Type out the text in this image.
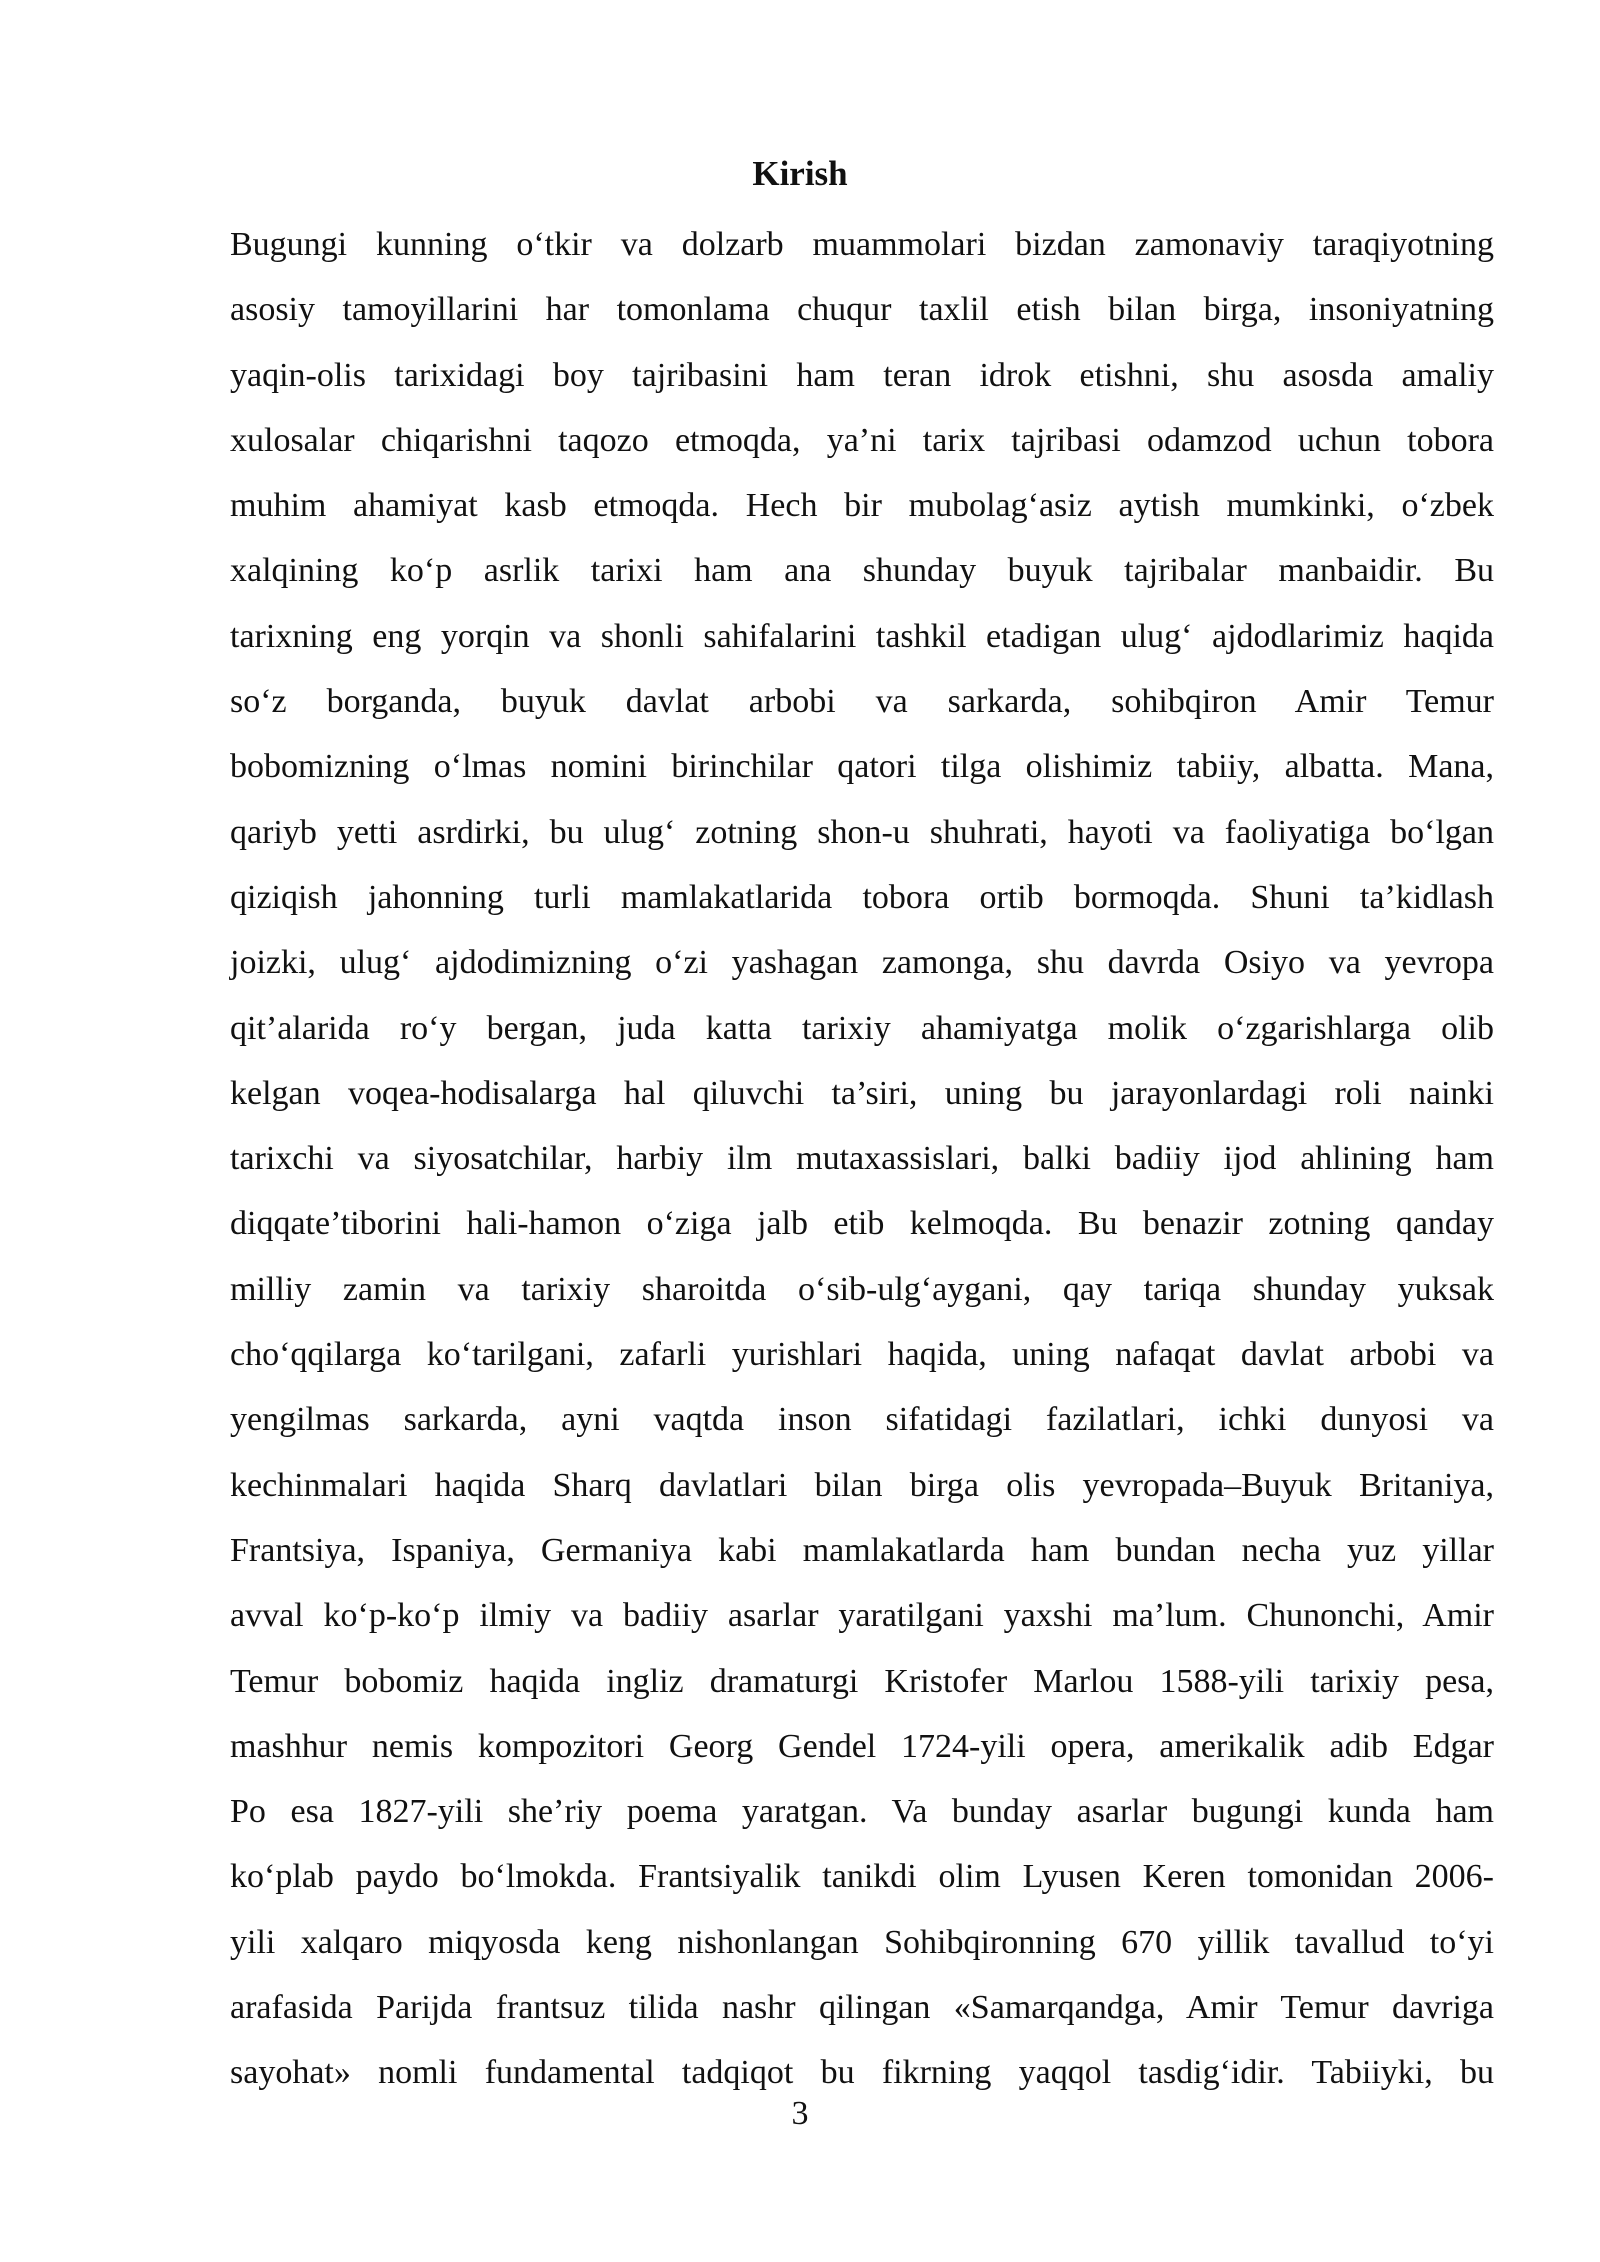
Kirish
Bugungi kunning o‘tkir va dolzarb muammolari bizdan zamonaviy taraqiyotning
asosiy tamoyillarini har tomonlama chuqur taxlil etish bilan birga, insoniyatning
yaqin-olis tarixidagi boy tajribasini ham teran idrok etishni, shu asosda amaliy
xulosalar chiqarishni taqozo etmoqda, ya’ni tarix tajribasi odamzod uchun tobora
muhim ahamiyat kasb etmoqda. Hech bir mubolag‘asiz aytish mumkinki, o‘zbek
xalqining ko‘p asrlik tarixi ham ana shunday buyuk tajribalar manbaidir. Bu
tarixning eng yorqin va shonli sahifalarini tashkil etadigan ulug‘ ajdodlarimiz haqida
so‘z borganda, buyuk davlat arbobi va sarkarda, sohibqiron Amir Temur
bobomizning o‘lmas nomini birinchilar qatori tilga olishimiz tabiiy, albatta. Mana,
qariyb yetti asrdirki, bu ulug‘ zotning shon-u shuhrati, hayoti va faoliyatiga bo‘lgan
qiziqish jahonning turli mamlakatlarida tobora ortib bormoqda. Shuni ta’kidlash
joizki, ulug‘ ajdodimizning o‘zi yashagan zamonga, shu davrda Osiyo va yevropa
qit’alarida ro‘y bergan, juda katta tarixiy ahamiyatga molik o‘zgarishlarga olib
kelgan voqea-hodisalarga hal qiluvchi ta’siri, uning bu jarayonlardagi roli nainki
tarixchi va siyosatchilar, harbiy ilm mutaxassislari, balki badiiy ijod ahlining ham
diqqate’tiborini hali-hamon o‘ziga jalb etib kelmoqda. Bu benazir zotning qanday
milliy zamin va tarixiy sharoitda o‘sib-ulg‘aygani, qay tariqa shunday yuksak
cho‘qqilarga ko‘tarilgani, zafarli yurishlari haqida, uning nafaqat davlat arbobi va
yengilmas sarkarda, ayni vaqtda inson sifatidagi fazilatlari, ichki dunyosi va
kechinmalari haqida Sharq davlatlari bilan birga olis yevropada–Buyuk Britaniya,
Frantsiya, Ispaniya, Germaniya kabi mamlakatlarda ham bundan necha yuz yillar
avval ko‘p-ko‘p ilmiy va badiiy asarlar yaratilgani yaxshi ma’lum. Chunonchi, Amir
Temur bobomiz haqida ingliz dramaturgi Kristofer Marlou 1588-yili tarixiy pesa,
mashhur nemis kompozitori Georg Gendel 1724-yili opera, amerikalik adib Edgar
Po esa 1827-yili she’riy poema yaratgan. Va bunday asarlar bugungi kunda ham
ko‘plab paydo bo‘lmokda. Frantsiyalik tanikdi olim Lyusen Keren tomonidan 2006-
yili xalqaro miqyosda keng nishonlangan Sohibqironning 670 yillik tavallud to‘yi
arafasida Parijda frantsuz tilida nashr qilingan «Samarqandga, Amir Temur davriga
sayohat» nomli fundamental tadqiqot bu fikrning yaqqol tasdig‘idir. Tabiiyki, bu
3
